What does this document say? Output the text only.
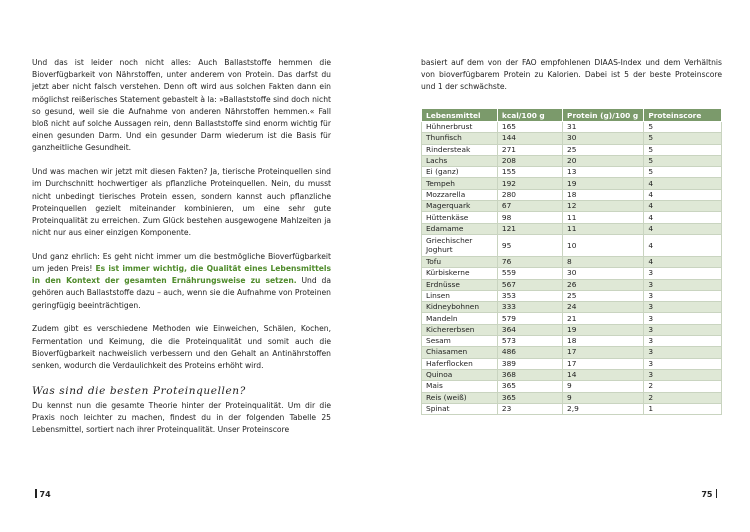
Und das ist leider noch nicht alles: Auch Ballaststoffe hemmen die Bioverfügbarkeit von Nährstoffen, unter anderem von Protein. Das darfst du jetzt aber nicht falsch verstehen. Denn oft wird aus solchen Fakten dann ein möglichst reißerisches Statement gebastelt à la: »Ballaststoffe sind doch nicht so gesund, weil sie die Aufnahme von anderen Nährstoffen hemmen.« Fall bloß nicht auf solche Aussagen rein, denn Ballaststoffe sind enorm wichtig für einen gesunden Darm. Und ein gesunder Darm wiederum ist die Basis für ganzheitliche Gesundheit.

Und was machen wir jetzt mit diesen Fakten? Ja, tierische Proteinquellen sind im Durchschnitt hochwertiger als pflanzliche Proteinquellen. Nein, du musst nicht unbedingt tierisches Protein essen, sondern kannst auch pflanzliche Proteinquellen gezielt miteinander kombinieren, um eine sehr gute Proteinqualität zu erreichen. Zum Glück bestehen ausgewogene Mahlzeiten ja nicht nur aus einer einzigen Komponente.

Und ganz ehrlich: Es geht nicht immer um die bestmögliche Bioverfügbarkeit um jeden Preis! Es ist immer wichtig, die Qualität eines Lebensmittels in den Kontext der gesamten Ernährungsweise zu setzen. Und da gehören auch Ballaststoffe dazu – auch, wenn sie die Aufnahme von Proteinen geringfügig beeinträchtigen.

Zudem gibt es verschiedene Methoden wie Einweichen, Schälen, Kochen, Fermentation und Keimung, die die Proteinqualität und somit auch die Bioverfügbarkeit nachweislich verbessern und den Gehalt an Antinährstoffen senken, wodurch die Verdaulichkeit des Proteins erhöht wird.

Was sind die besten Proteinquellen?

Du kennst nun die gesamte Theorie hinter der Proteinqualität. Um dir die Praxis noch leichter zu machen, findest du in der folgenden Tabelle 25 Lebensmittel, sortiert nach ihrer Proteinqualität. Unser Proteinscore

74	75
basiert auf dem von der FAO empfohlenen DIAAS-Index und dem Verhältnis von bioverfügbarem Protein zu Kalorien. Dabei ist 5 der beste Proteinscore und 1 der schwächste.
Lebensmittel	kcal/100 g	Protein (g)/100 g	Proteinscore
Hühnerbrust	165	31	5
Thunfisch	144	30	5
Rindersteak	271	25	5
Lachs	208	20	5
Ei (ganz)	155	13	5
Tempeh	192	19	4
Mozzarella	280	18	4
Magerquark	67	12	4
Hüttenkäse	98	11	4
Edamame	121	11	4
Griechischer Joghurt	95	10	4
Tofu	76	8	4
Kürbiskerne	559	30	3
Erdnüsse	567	26	3
Linsen	353	25	3
Kidneybohnen	333	24	3
Mandeln	579	21	3
Kichererbsen	364	19	3
Sesam	573	18	3
Chiasamen	486	17	3
Haferflocken	389	17	3
Quinoa	368	14	3
Mais	365	9	2
Reis (weiß)	365	9	2
Spinat	23	2,9	1
